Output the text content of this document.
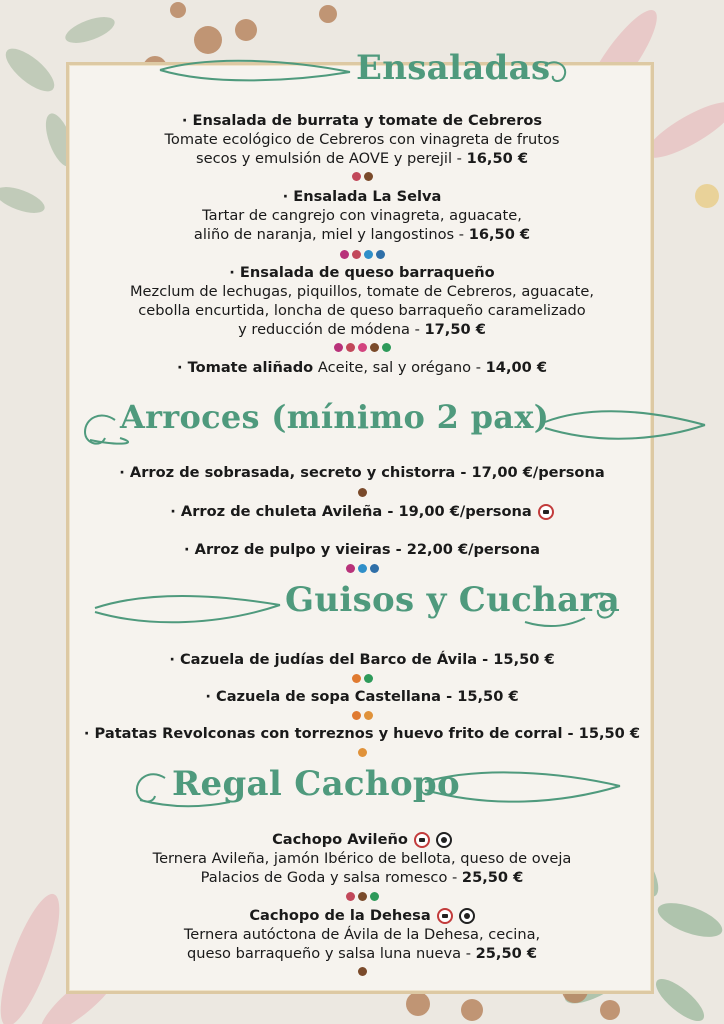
Ensaladas
· Ensalada de burrata y tomate de Cebreros
Tomate ecológico de Cebreros con vinagreta de frutos
secos y emulsión de AOVE y perejil - 16,50 €
· Ensalada La Selva
Tartar de cangrejo con vinagreta, aguacate,
aliño de naranja, miel y langostinos - 16,50 €
· Ensalada de queso barraqueño
Mezclum de lechugas, piquillos, tomate de Cebreros, aguacate,
cebolla encurtida, loncha de queso barraqueño caramelizado
y reducción de módena - 17,50 €
· Tomate aliñado Aceite, sal y orégano - 14,00 €
Arroces (mínimo 2 pax)
· Arroz de sobrasada, secreto y chistorra - 17,00 €/persona
· Arroz de chuleta Avileña - 19,00 €/persona
· Arroz de pulpo y vieiras - 22,00 €/persona
Guisos y Cuchara
· Cazuela de judías del Barco de Ávila - 15,50 €
· Cazuela de sopa Castellana - 15,50 €
· Patatas Revolconas con torreznos y huevo frito de corral - 15,50 €
Regal Cachopo
Cachopo Avileño
Ternera Avileña, jamón Ibérico de bellota, queso de oveja
Palacios de Goda y salsa romesco - 25,50 €
Cachopo de la Dehesa
Ternera autóctona de Ávila de la Dehesa, cecina,
queso barraqueño y salsa luna nueva - 25,50 €
